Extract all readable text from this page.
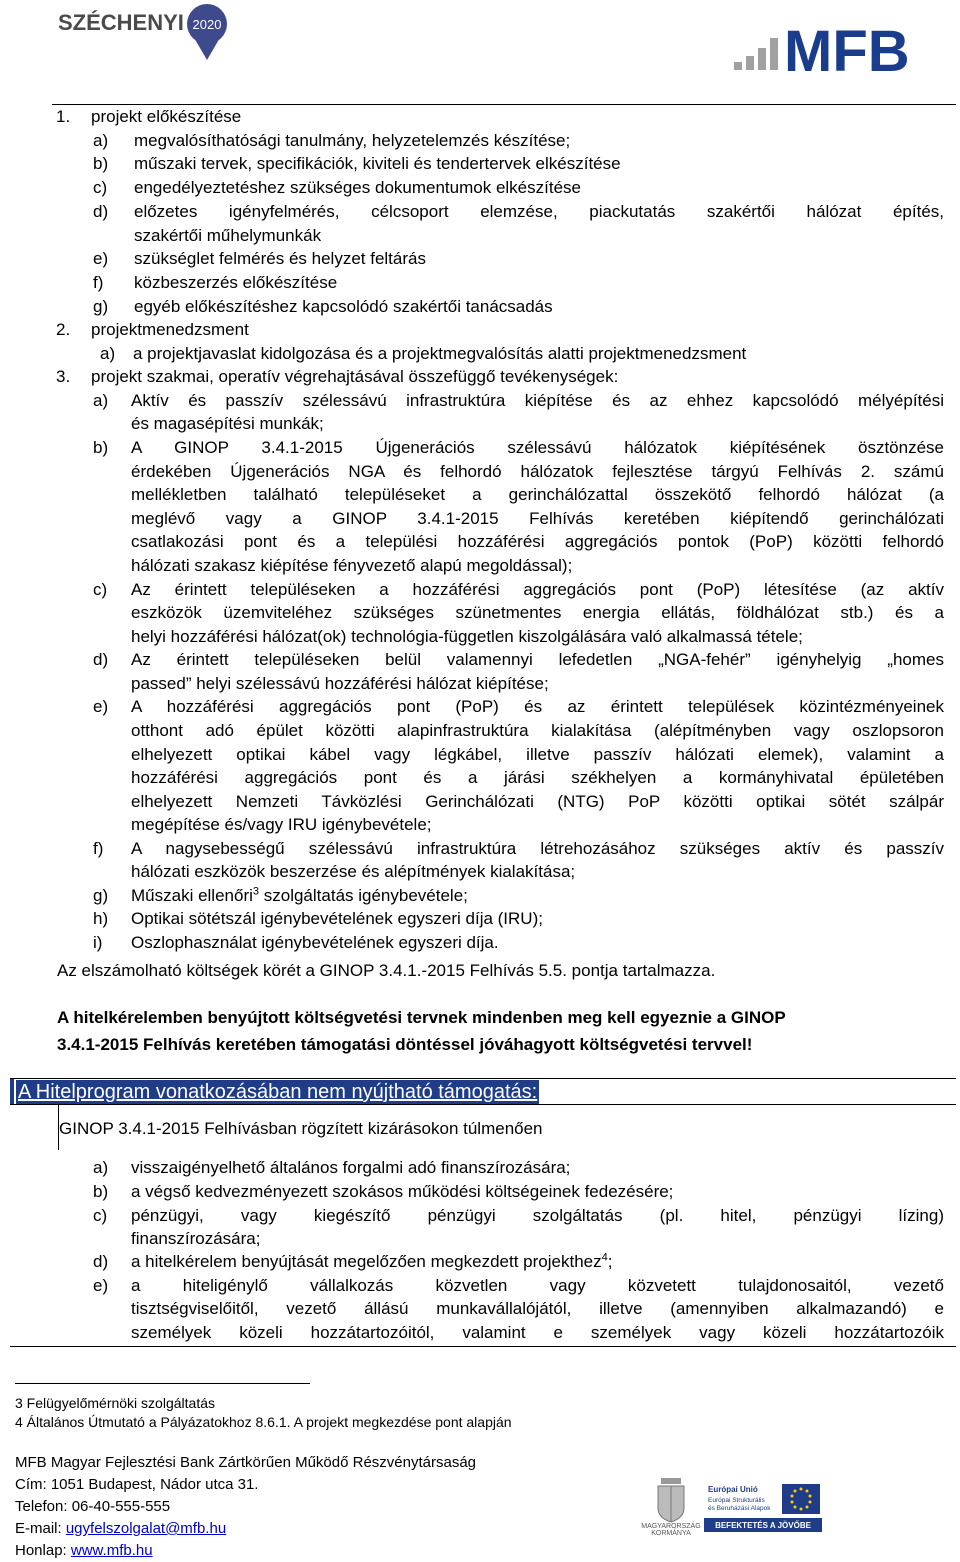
SZÉCHENYI 2020	MFB
1. projekt előkészítése
a) megvalósíthatósági tanulmány, helyzetelemzés készítése;
b) műszaki tervek, specifikációk, kiviteli és tendertervek elkészítése
c) engedélyeztetéshez szükséges dokumentumok elkészítése
d) előzetes igényfelmérés, célcsoport elemzése, piackutatás szakértői hálózat építés,
szakértői műhelymunkák
e) szükséglet felmérés és helyzet feltárás
f) közbeszerzés előkészítése
g) egyéb előkészítéshez kapcsolódó szakértői tanácsadás
2. projektmenedzsment
a) a projektjavaslat kidolgozása és a projektmegvalósítás alatti projektmenedzsment
3. projekt szakmai, operatív végrehajtásával összefüggő tevékenységek:
a) Aktív és passzív szélessávú infrastruktúra kiépítése és az ehhez kapcsolódó mélyépítési
és magasépítési munkák;
b) A GINOP 3.4.1-2015 Újgenerációs szélessávú hálózatok kiépítésének ösztönzése
érdekében Újgenerációs NGA és felhordó hálózatok fejlesztése tárgyú Felhívás 2. számú
mellékletben található településeket a gerinchálózattal összekötő felhordó hálózat (a
meglévő vagy a GINOP 3.4.1-2015 Felhívás keretében kiépítendő gerinchálózati
csatlakozási pont és a települési hozzáférési aggregációs pontok (PoP) közötti felhordó
hálózati szakasz kiépítése fényvezető alapú megoldással);
c) Az érintett településeken a hozzáférési aggregációs pont (PoP) létesítése (az aktív
eszközök üzemviteléhez szükséges szünetmentes energia ellátás, földhálózat stb.) és a
helyi hozzáférési hálózat(ok) technológia-független kiszolgálására való alkalmassá tétele;
d) Az érintett településeken belül valamennyi lefedetlen „NGA-fehér” igényhelyig „homes
passed” helyi szélessávú hozzáférési hálózat kiépítése;
e) A hozzáférési aggregációs pont (PoP) és az érintett települések közintézményeinek
otthont adó épület közötti alapinfrastruktúra kialakítása (alépítményben vagy oszlopsoron
elhelyezett optikai kábel vagy légkábel, illetve passzív hálózati elemek), valamint a
hozzáférési aggregációs pont és a járási székhelyen a kormányhivatal épületében
elhelyezett Nemzeti Távközlési Gerinchálózati (NTG) PoP közötti optikai sötét szálpár
megépítése és/vagy IRU igénybevétele;
f) A nagysebességű szélessávú infrastruktúra létrehozásához szükséges aktív és passzív
hálózati eszközök beszerzése és alépítmények kialakítása;
g) Műszaki ellenőri$^3$ szolgáltatás igénybevétele;
h) Optikai sötétszál igénybevételének egyszeri díja (IRU);
i) Oszlophasználat igénybevételének egyszeri díja.
Az elszámolható költségek körét a GINOP 3.4.1.-2015 Felhívás 5.5. pontja tartalmazza.
A hitelkérelemben benyújtott költségvetési tervnek mindenben meg kell egyeznie a GINOP
3.4.1-2015 Felhívás keretében támogatási döntéssel jóváhagyott költségvetési tervvel!
A Hitelprogram vonatkozásában nem nyújtható támogatás:
GINOP 3.4.1-2015 Felhívásban rögzített kizárásokon túlmenően
a) visszaigényelhető általános forgalmi adó finanszírozására;
b) a végső kedvezményezett szokásos működési költségeinek fedezésére;
c) pénzügyi, vagy kiegészítő pénzügyi szolgáltatás (pl. hitel, pénzügyi lízing)
finanszírozására;
d) a hitelkérelem benyújtását megelőzően megkezdett projekthez$^4$;
e) a hiteligénylő vállalkozás közvetlen vagy közvetett tulajdonosaitól, vezető
tisztségviselőitől, vezető állású munkavállalójától, illetve (amennyiben alkalmazandó) e
személyek közeli hozzátartozóitól, valamint e személyek vagy közeli hozzátartozóik
3 Felügyelőmérnöki szolgáltatás
4 Általános Útmutató a Pályázatokhoz 8.6.1. A projekt megkezdése pont alapján
MFB Magyar Fejlesztési Bank Zártkörűen Működő Részvénytársaság
Cím: 1051 Budapest, Nádor utca 31.
Telefon: 06-40-555-555
E-mail: ugyfelszolgalat@mfb.hu
Honlap: www.mfb.hu
MAGYARORSZÁG
KORMÁNYA
Európai Unió
Európai Strukturális
és Beruházási Alapok
BEFEKTETÉS A JÖVŐBE
